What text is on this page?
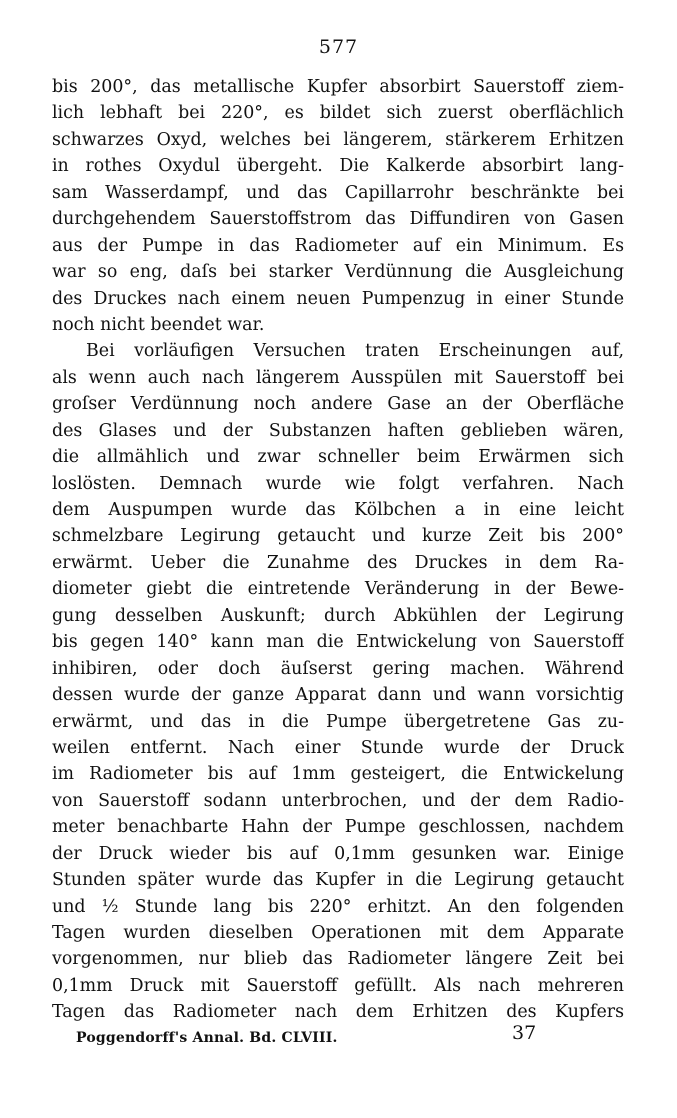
577
bis 200°, das metallische Kupfer absorbirt Sauerstoff ziem-
lich lebhaft bei 220°, es bildet sich zuerst oberflächlich
schwarzes Oxyd, welches bei längerem, stärkerem Erhitzen
in rothes Oxydul übergeht. Die Kalkerde absorbirt lang-
sam Wasserdampf, und das Capillarrohr beschränkte bei
durchgehendem Sauerstoffstrom das Diffundiren von Gasen
aus der Pumpe in das Radiometer auf ein Minimum. Es
war so eng, daſs bei starker Verdünnung die Ausgleichung
des Druckes nach einem neuen Pumpenzug in einer Stunde
noch nicht beendet war.
Bei vorläufigen Versuchen traten Erscheinungen auf,
als wenn auch nach längerem Ausspülen mit Sauerstoff bei
groſser Verdünnung noch andere Gase an der Oberfläche
des Glases und der Substanzen haften geblieben wären,
die allmählich und zwar schneller beim Erwärmen sich
loslösten. Demnach wurde wie folgt verfahren. Nach
dem Auspumpen wurde das Kölbchen a in eine leicht
schmelzbare Legirung getaucht und kurze Zeit bis 200°
erwärmt. Ueber die Zunahme des Druckes in dem Ra-
diometer giebt die eintretende Veränderung in der Bewe-
gung desselben Auskunft; durch Abkühlen der Legirung
bis gegen 140° kann man die Entwickelung von Sauerstoff
inhibiren, oder doch äuſserst gering machen. Während
dessen wurde der ganze Apparat dann und wann vorsichtig
erwärmt, und das in die Pumpe übergetretene Gas zu-
weilen entfernt. Nach einer Stunde wurde der Druck
im Radiometer bis auf 1mm gesteigert, die Entwickelung
von Sauerstoff sodann unterbrochen, und der dem Radio-
meter benachbarte Hahn der Pumpe geschlossen, nachdem
der Druck wieder bis auf 0,1mm gesunken war. Einige
Stunden später wurde das Kupfer in die Legirung getaucht
und ½ Stunde lang bis 220° erhitzt. An den folgenden
Tagen wurden dieselben Operationen mit dem Apparate
vorgenommen, nur blieb das Radiometer längere Zeit bei
0,1mm Druck mit Sauerstoff gefüllt. Als nach mehreren
Tagen das Radiometer nach dem Erhitzen des Kupfers
Poggendorff's Annal. Bd. CLVIII.	37
